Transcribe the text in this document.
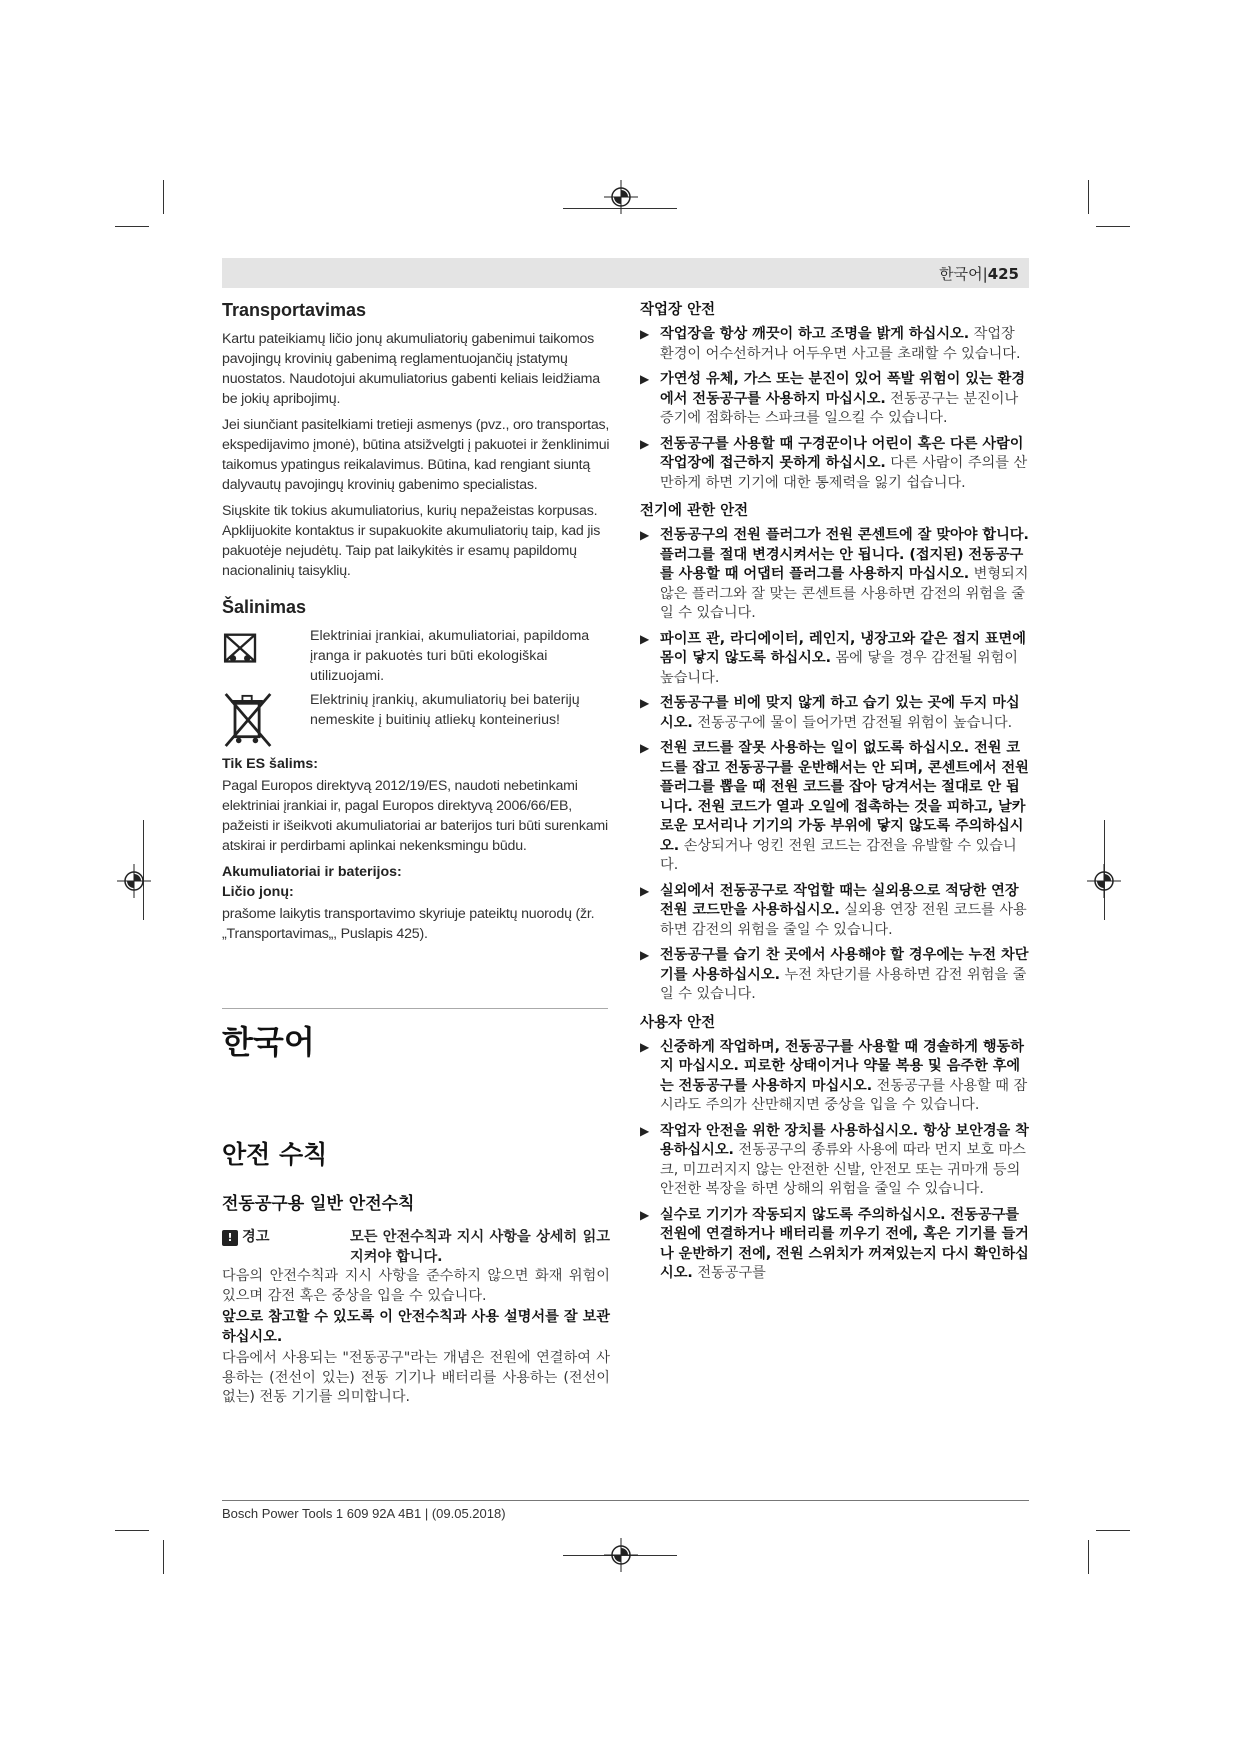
한국어|425
Transportavimas

Kartu pateikiamų ličio jonų akumuliatorių gabenimui taikomos pavojingų krovinių gabenimą reglamentuojančių įstatymų nuostatos. Naudotojui akumuliatorius gabenti keliais leidžiama be jokių apribojimų.

Jei siunčiant pasitelkiami tretieji asmenys (pvz., oro transportas, ekspedijavimo įmonė), būtina atsižvelgti į pakuotei ir ženklinimui taikomus ypatingus reikalavimus. Būtina, kad rengiant siuntą dalyvautų pavojingų krovinių gabenimo specialistas.

Siųskite tik tokius akumuliatorius, kurių nepažeistas korpusas. Apklijuokite kontaktus ir supakuokite akumuliatorių taip, kad jis pakuotėje nejudėtų. Taip pat laikykitės ir esamų papildomų nacionalinių taisyklių.

Šalinimas
Elektriniai įrankiai, akumuliatoriai, papildoma įranga ir pakuotės turi būti ekologiškai utilizuojami.
Elektrinių įrankių, akumuliatorių bei baterijų nemeskite į buitinių atliekų konteinerius!

Tik ES šalims:

Pagal Europos direktyvą 2012/19/ES, naudoti nebetinkami elektriniai įrankiai ir, pagal Europos direktyvą 2006/66/EB, pažeisti ir išeikvoti akumuliatoriai ar baterijos turi būti surenkami atskirai ir perdirbami aplinkai nekenksmingu būdu.

Akumuliatoriai ir baterijos:

Ličio jonų:

prašome laikytis transportavimo skyriuje pateiktų nuorodų (žr. „Transportavimas„, Puslapis 425).

한국어
안전 수칙
전동공구용 일반 안전수칙
! 경고	모든 안전수칙과 지시 사항을 상세히 읽고 지켜야 합니다.

다음의 안전수칙과 지시 사항을 준수하지 않으면 화재 위험이 있으며 감전 혹은 중상을 입을 수 있습니다.

앞으로 참고할 수 있도록 이 안전수칙과 사용 설명서를 잘 보관하십시오.

다음에서 사용되는 "전동공구"라는 개념은 전원에 연결하여 사용하는 (전선이 있는) 전동 기기나 배터리를 사용하는 (전선이 없는) 전동 기기를 의미합니다.

작업장 안전
▶ 작업장을 항상 깨끗이 하고 조명을 밝게 하십시오. 작업장 환경이 어수선하거나 어두우면 사고를 초래할 수 있습니다.
▶ 가연성 유체, 가스 또는 분진이 있어 폭발 위험이 있는 환경에서 전동공구를 사용하지 마십시오. 전동공구는 분진이나 증기에 점화하는 스파크를 일으킬 수 있습니다.
▶ 전동공구를 사용할 때 구경꾼이나 어린이 혹은 다른 사람이 작업장에 접근하지 못하게 하십시오. 다른 사람이 주의를 산만하게 하면 기기에 대한 통제력을 잃기 쉽습니다.
전기에 관한 안전
▶ 전동공구의 전원 플러그가 전원 콘센트에 잘 맞아야 합니다. 플러그를 절대 변경시켜서는 안 됩니다. (접지된) 전동공구를 사용할 때 어댑터 플러그를 사용하지 마십시오. 변형되지 않은 플러그와 잘 맞는 콘센트를 사용하면 감전의 위험을 줄일 수 있습니다.
▶ 파이프 관, 라디에이터, 레인지, 냉장고와 같은 접지 표면에 몸이 닿지 않도록 하십시오. 몸에 닿을 경우 감전될 위험이 높습니다.
▶ 전동공구를 비에 맞지 않게 하고 습기 있는 곳에 두지 마십시오. 전동공구에 물이 들어가면 감전될 위험이 높습니다.
▶ 전원 코드를 잘못 사용하는 일이 없도록 하십시오. 전원 코드를 잡고 전동공구를 운반해서는 안 되며, 콘센트에서 전원 플러그를 뽑을 때 전원 코드를 잡아 당겨서는 절대로 안 됩니다. 전원 코드가 열과 오일에 접촉하는 것을 피하고, 날카로운 모서리나 기기의 가동 부위에 닿지 않도록 주의하십시오. 손상되거나 엉킨 전원 코드는 감전을 유발할 수 있습니다.
▶ 실외에서 전동공구로 작업할 때는 실외용으로 적당한 연장 전원 코드만을 사용하십시오. 실외용 연장 전원 코드를 사용하면 감전의 위험을 줄일 수 있습니다.
▶ 전동공구를 습기 찬 곳에서 사용해야 할 경우에는 누전 차단기를 사용하십시오. 누전 차단기를 사용하면 감전 위험을 줄일 수 있습니다.
사용자 안전
▶ 신중하게 작업하며, 전동공구를 사용할 때 경솔하게 행동하지 마십시오. 피로한 상태이거나 약물 복용 및 음주한 후에는 전동공구를 사용하지 마십시오. 전동공구를 사용할 때 잠시라도 주의가 산만해지면 중상을 입을 수 있습니다.
▶ 작업자 안전을 위한 장치를 사용하십시오. 항상 보안경을 착용하십시오. 전동공구의 종류와 사용에 따라 먼지 보호 마스크, 미끄러지지 않는 안전한 신발, 안전모 또는 귀마개 등의 안전한 복장을 하면 상해의 위험을 줄일 수 있습니다.
▶ 실수로 기기가 작동되지 않도록 주의하십시오. 전동공구를 전원에 연결하거나 배터리를 끼우기 전에, 혹은 기기를 들거나 운반하기 전에, 전원 스위치가 꺼져있는지 다시 확인하십시오. 전동공구를
Bosch Power Tools 1 609 92A 4B1 | (09.05.2018)
